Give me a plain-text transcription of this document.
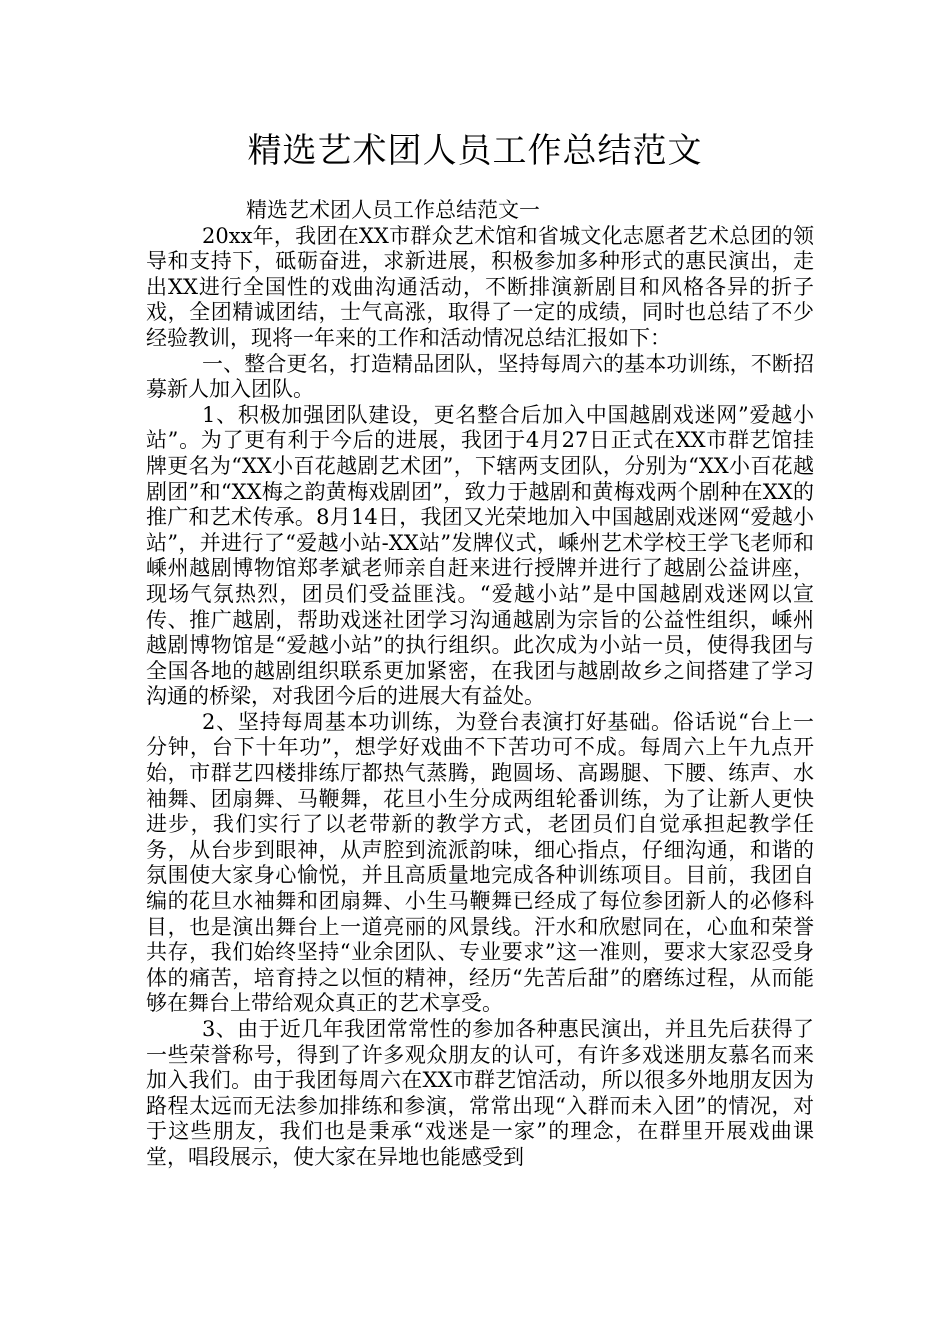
精选艺术团人员工作总结范文

精选艺术团人员工作总结范文一

20xx年，我团在XX市群众艺术馆和省城文化志愿者艺术总团的领导和支持下，砥砺奋进，求新进展，积极参加多种形式的惠民演出，走出XX进行全国性的戏曲沟通活动，不断排演新剧目和风格各异的折子戏，全团精诚团结，士气高涨，取得了一定的成绩，同时也总结了不少经验教训，现将一年来的工作和活动情况总结汇报如下：

一、整合更名，打造精品团队，坚持每周六的基本功训练，不断招募新人加入团队。

1、积极加强团队建设，更名整合后加入中国越剧戏迷网”爱越小站”。为了更有利于今后的进展，我团于4月27日正式在XX市群艺馆挂牌更名为“XX小百花越剧艺术团”，下辖两支团队，分别为“XX小百花越剧团”和“XX梅之韵黄梅戏剧团”，致力于越剧和黄梅戏两个剧种在XX的推广和艺术传承。8月14日，我团又光荣地加入中国越剧戏迷网“爱越小站”，并进行了“爱越小站-XX站”发牌仪式，嵊州艺术学校王学飞老师和嵊州越剧博物馆郑孝斌老师亲自赶来进行授牌并进行了越剧公益讲座，现场气氛热烈，团员们受益匪浅。“爱越小站”是中国越剧戏迷网以宣传、推广越剧，帮助戏迷社团学习沟通越剧为宗旨的公益性组织，嵊州越剧博物馆是“爱越小站”的执行组织。此次成为小站一员，使得我团与全国各地的越剧组织联系更加紧密，在我团与越剧故乡之间搭建了学习沟通的桥梁，对我团今后的进展大有益处。

2、坚持每周基本功训练，为登台表演打好基础。俗话说“台上一分钟，台下十年功”，想学好戏曲不下苦功可不成。每周六上午九点开始，市群艺四楼排练厅都热气蒸腾，跑圆场、高踢腿、下腰、练声、水袖舞、团扇舞、马鞭舞，花旦小生分成两组轮番训练，为了让新人更快进步，我们实行了以老带新的教学方式，老团员们自觉承担起教学任务，从台步到眼神，从声腔到流派韵味，细心指点，仔细沟通，和谐的氛围使大家身心愉悦，并且高质量地完成各种训练项目。目前，我团自编的花旦水袖舞和团扇舞、小生马鞭舞已经成了每位参团新人的必修科目，也是演出舞台上一道亮丽的风景线。汗水和欣慰同在，心血和荣誉共存，我们始终坚持“业余团队、专业要求”这一准则，要求大家忍受身体的痛苦，培育持之以恒的精神，经历“先苦后甜”的磨练过程，从而能够在舞台上带给观众真正的艺术享受。

3、由于近几年我团常常性的参加各种惠民演出，并且先后获得了一些荣誉称号，得到了许多观众朋友的认可，有许多戏迷朋友慕名而来加入我们。由于我团每周六在XX市群艺馆活动，所以很多外地朋友因为路程太远而无法参加排练和参演，常常出现“入群而未入团”的情况，对于这些朋友，我们也是秉承“戏迷是一家”的理念，在群里开展戏曲课堂，唱段展示，使大家在异地也能感受到
